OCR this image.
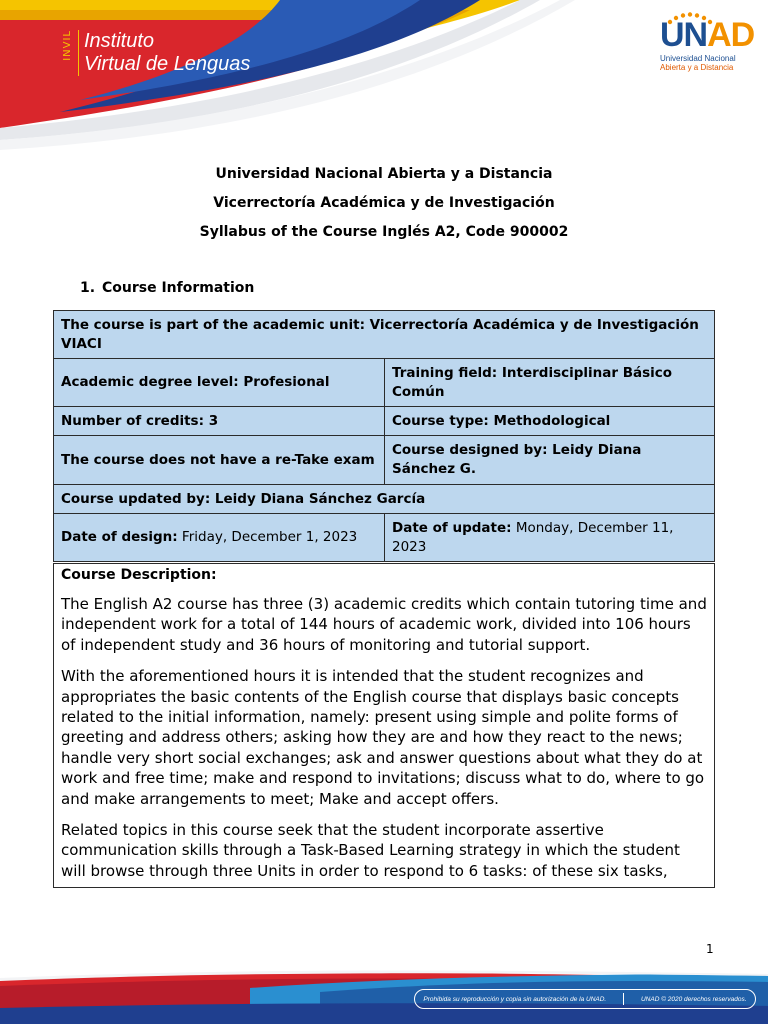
INVIL Instituto
Virtual de Lenguas
UNAD
Universidad Nacional
Abierta y a Distancia
Universidad Nacional Abierta y a Distancia
Vicerrectoría Académica y de Investigación
Syllabus of the Course Inglés A2, Code 900002
1. Course Information
The course is part of the academic unit: Vicerrectoría Académica y de Investigación VIACI	
Academic degree level: Profesional	Training field: Interdisciplinar Básico Común
Number of credits: 3	Course type: Methodological
The course does not have a re-Take exam	Course designed by: Leidy Diana Sánchez G.
Course updated by: Leidy Diana Sánchez García	
Date of design: Friday, December 1, 2023	Date of update: Monday, December 11, 2023
Course Description:

The English A2 course has three (3) academic credits which contain tutoring time and independent work for a total of 144 hours of academic work, divided into 106 hours of independent study and 36 hours of monitoring and tutorial support.

With the aforementioned hours it is intended that the student recognizes and appropriates the basic contents of the English course that displays basic concepts related to the initial information, namely: present using simple and polite forms of greeting and address others; asking how they are and how they react to the news; handle very short social exchanges; ask and answer questions about what they do at work and free time; make and respond to invitations; discuss what to do, where to go and make arrangements to meet; Make and accept offers.

Related topics in this course seek that the student incorporate assertive communication skills through a Task-Based Learning strategy in which the student will browse through three Units in order to respond to 6 tasks: of these six tasks,

1
Prohibida su reproducción y copia sin autorización de la UNAD.	UNAD © 2020 derechos reservados.
